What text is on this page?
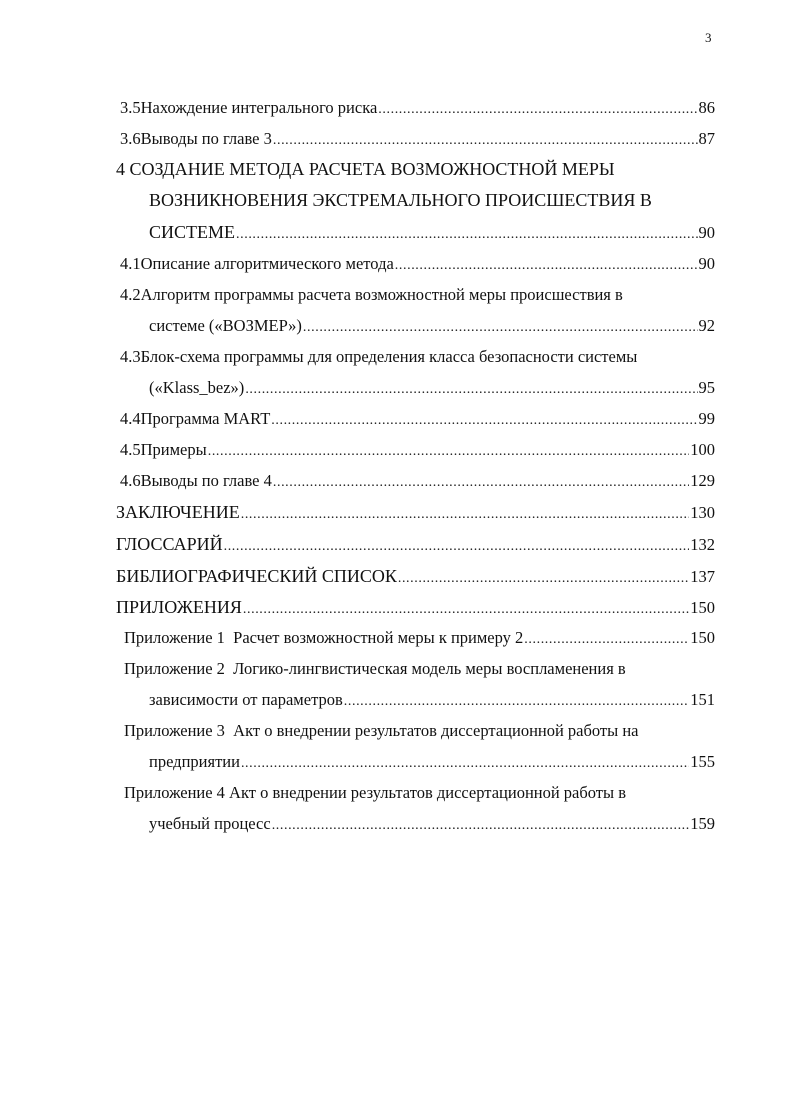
3
3.5Нахождение интегрального риска .....	86
3.6Выводы по главе 3 .....	87
4 СОЗДАНИЕ МЕТОДА РАСЧЕТА ВОЗМОЖНОСТНОЙ МЕРЫ
ВОЗНИКНОВЕНИЯ ЭКСТРЕМАЛЬНОГО ПРОИСШЕСТВИЯ В
СИСТЕМЕ .....	90
4.1Описание алгоритмического метода .....	90
4.2Алгоритм программы расчета возможностной меры происшествия в
системе («ВОЗМЕР») .....	92
4.3Блок-схема программы для определения класса безопасности системы
(«Klass_bez») .....	95
4.4Программа MART .....	99
4.5Примеры .....	100
4.6Выводы по главе 4 .....	129
ЗАКЛЮЧЕНИЕ .....	130
ГЛОССАРИЙ .....	132
БИБЛИОГРАФИЧЕСКИЙ СПИСОК .....	137
ПРИЛОЖЕНИЯ .....	150
Приложение 1  Расчет возможностной меры к примеру 2 .....	150
Приложение 2  Логико-лингвистическая модель меры воспламенения в
зависимости от параметров .....	151
Приложение 3  Акт о внедрении результатов диссертационной работы на
предприятии .....	155
Приложение 4 Акт о внедрении результатов диссертационной работы в
учебный процесс .....	159
